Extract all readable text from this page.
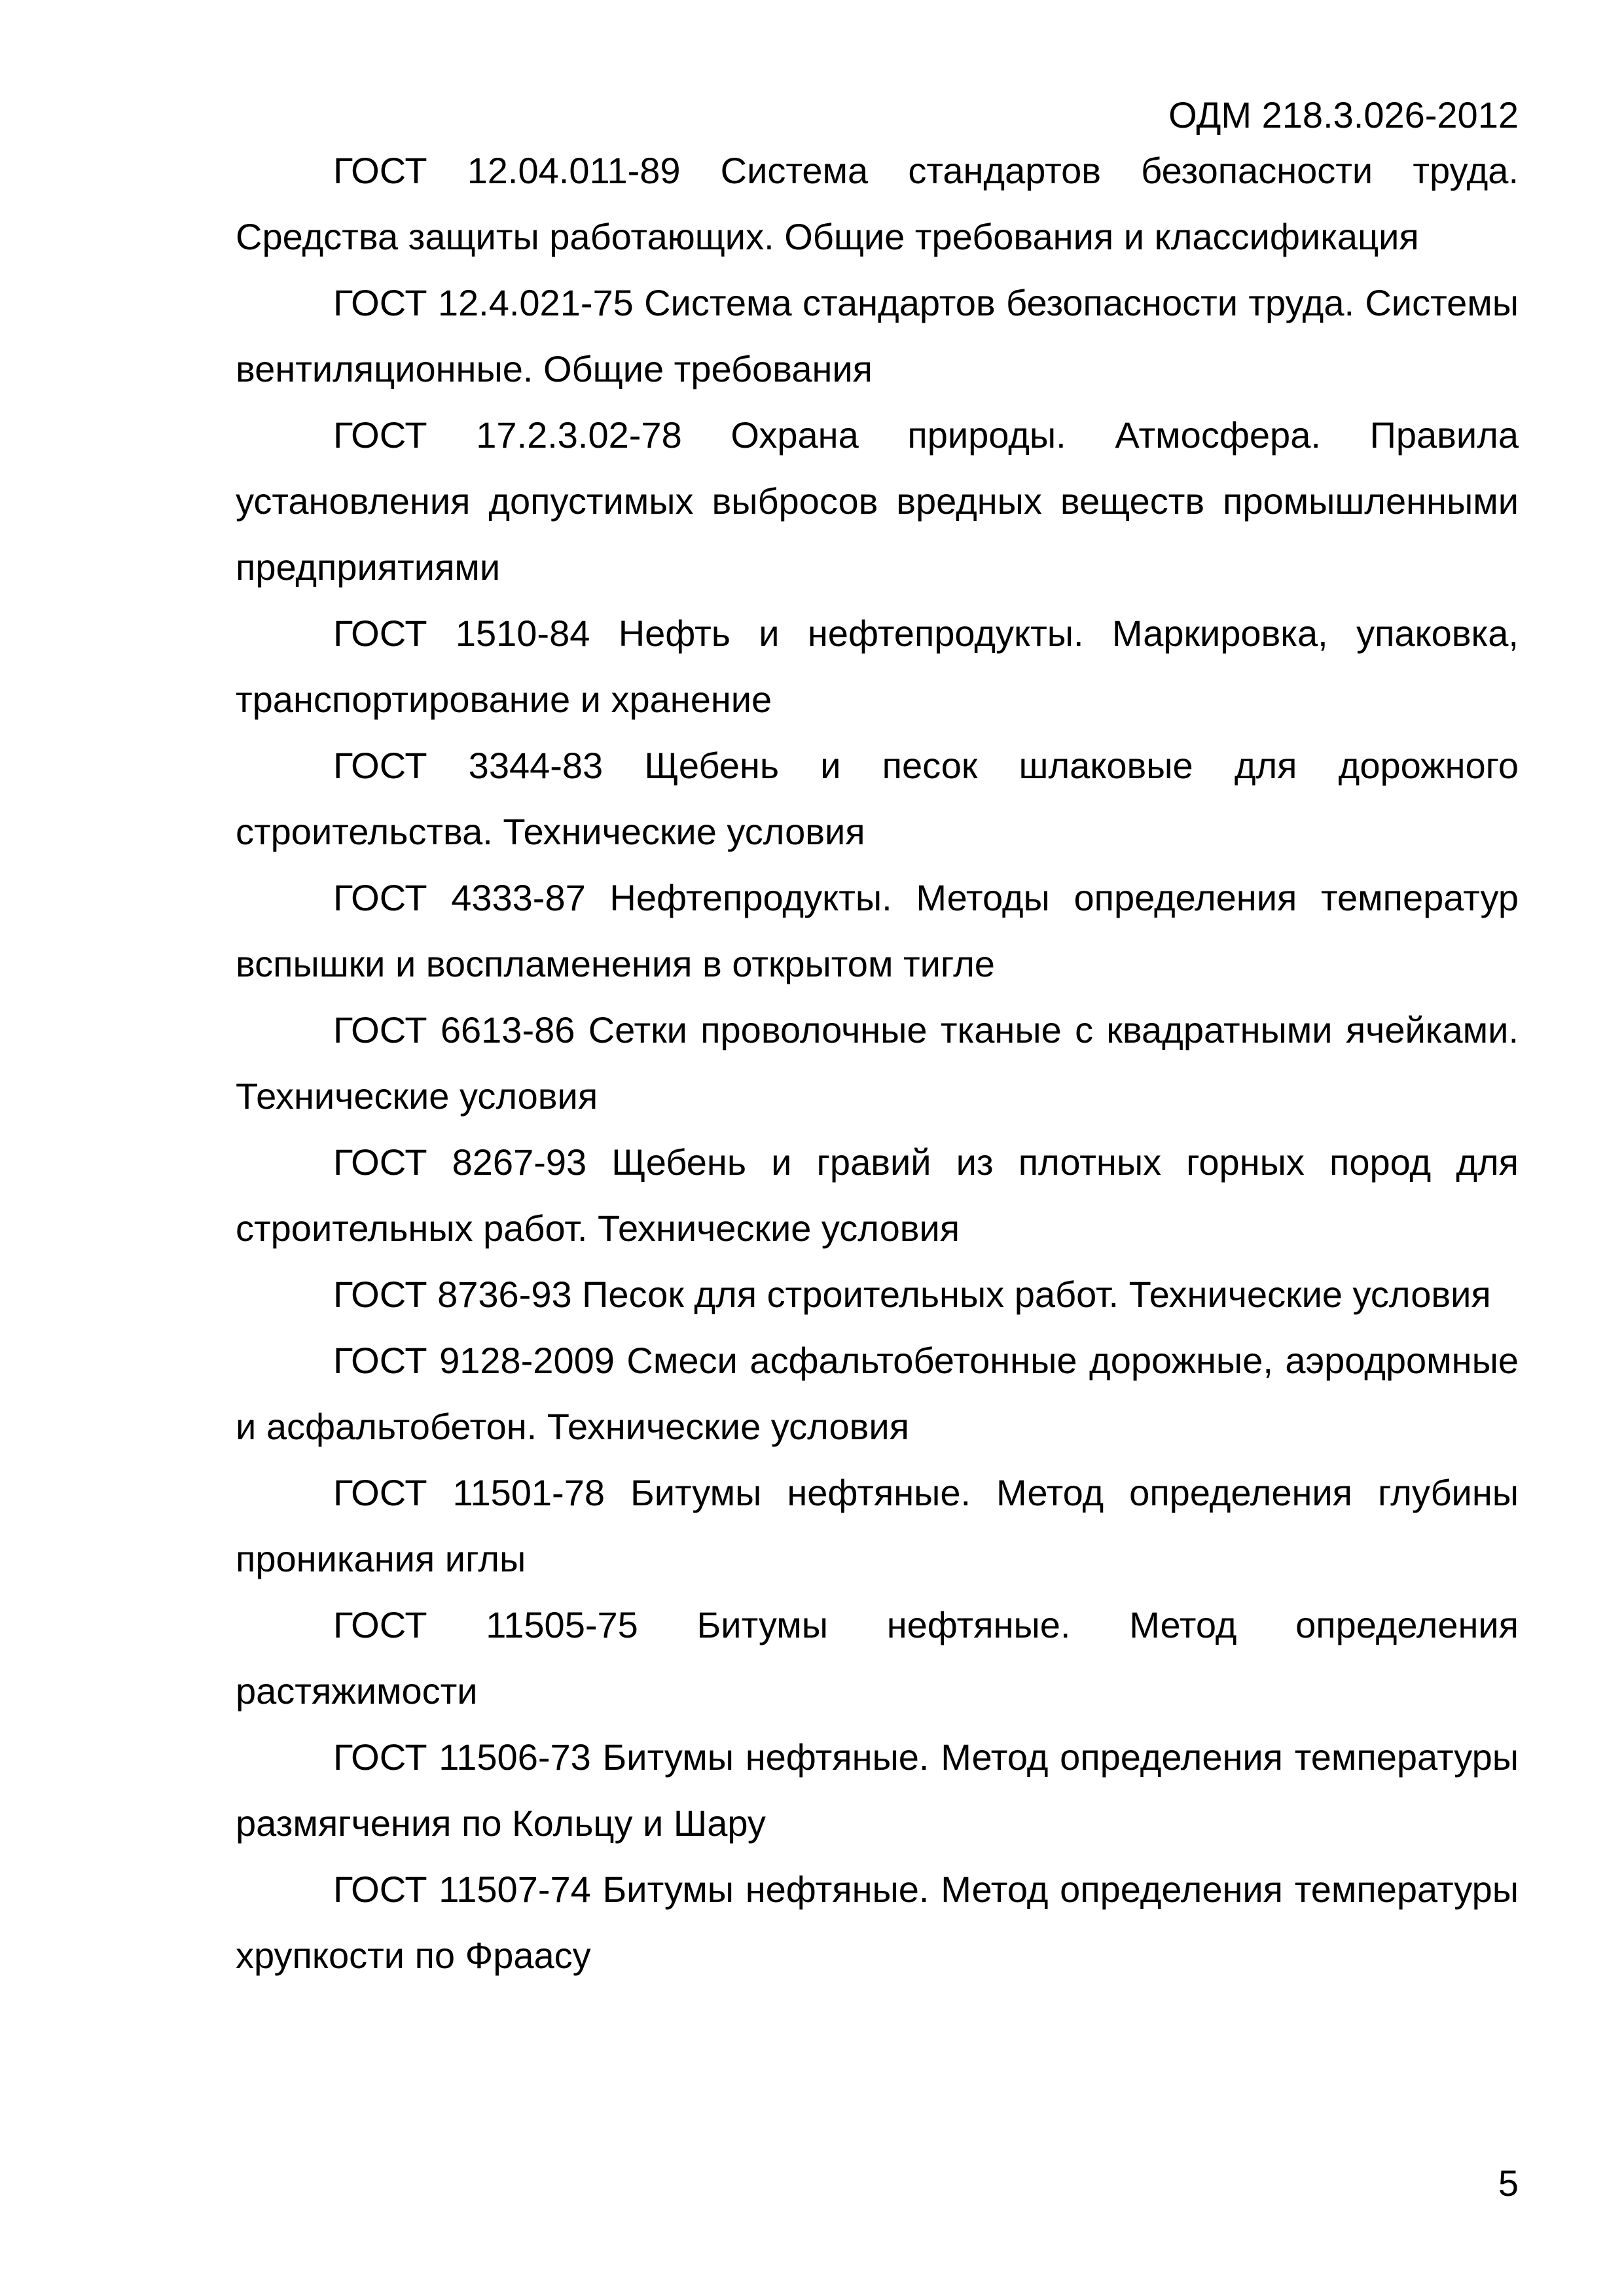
ОДМ 218.3.026-2012

ГОСТ 12.04.011-89 Система стандартов безопасности труда. Средства защиты работающих. Общие требования и классификация

ГОСТ 12.4.021-75 Система стандартов безопасности труда. Системы вентиляционные. Общие требования

ГОСТ 17.2.3.02-78 Охрана природы. Атмосфера. Правила установления допустимых выбросов вредных веществ промышленными предприятиями

ГОСТ 1510-84 Нефть и нефтепродукты. Маркировка, упаковка, транспортирование и хранение

ГОСТ 3344-83 Щебень и песок шлаковые для дорожного строительства. Технические условия

ГОСТ 4333-87 Нефтепродукты. Методы определения температур вспышки и воспламенения в открытом тигле

ГОСТ 6613-86 Сетки проволочные тканые с квадратными ячейками. Технические условия

ГОСТ 8267-93 Щебень и гравий из плотных горных пород для строительных работ. Технические условия

ГОСТ 8736-93 Песок для строительных работ. Технические условия

ГОСТ 9128-2009 Смеси асфальтобетонные дорожные, аэродромные и асфальтобетон. Технические условия

ГОСТ 11501-78 Битумы нефтяные. Метод определения глубины проникания иглы

ГОСТ 11505-75 Битумы нефтяные. Метод определения растяжимости

ГОСТ 11506-73 Битумы нефтяные. Метод определения температуры размягчения по Кольцу и Шару

ГОСТ 11507-74 Битумы нефтяные. Метод определения температуры хрупкости по Фраасу

5
